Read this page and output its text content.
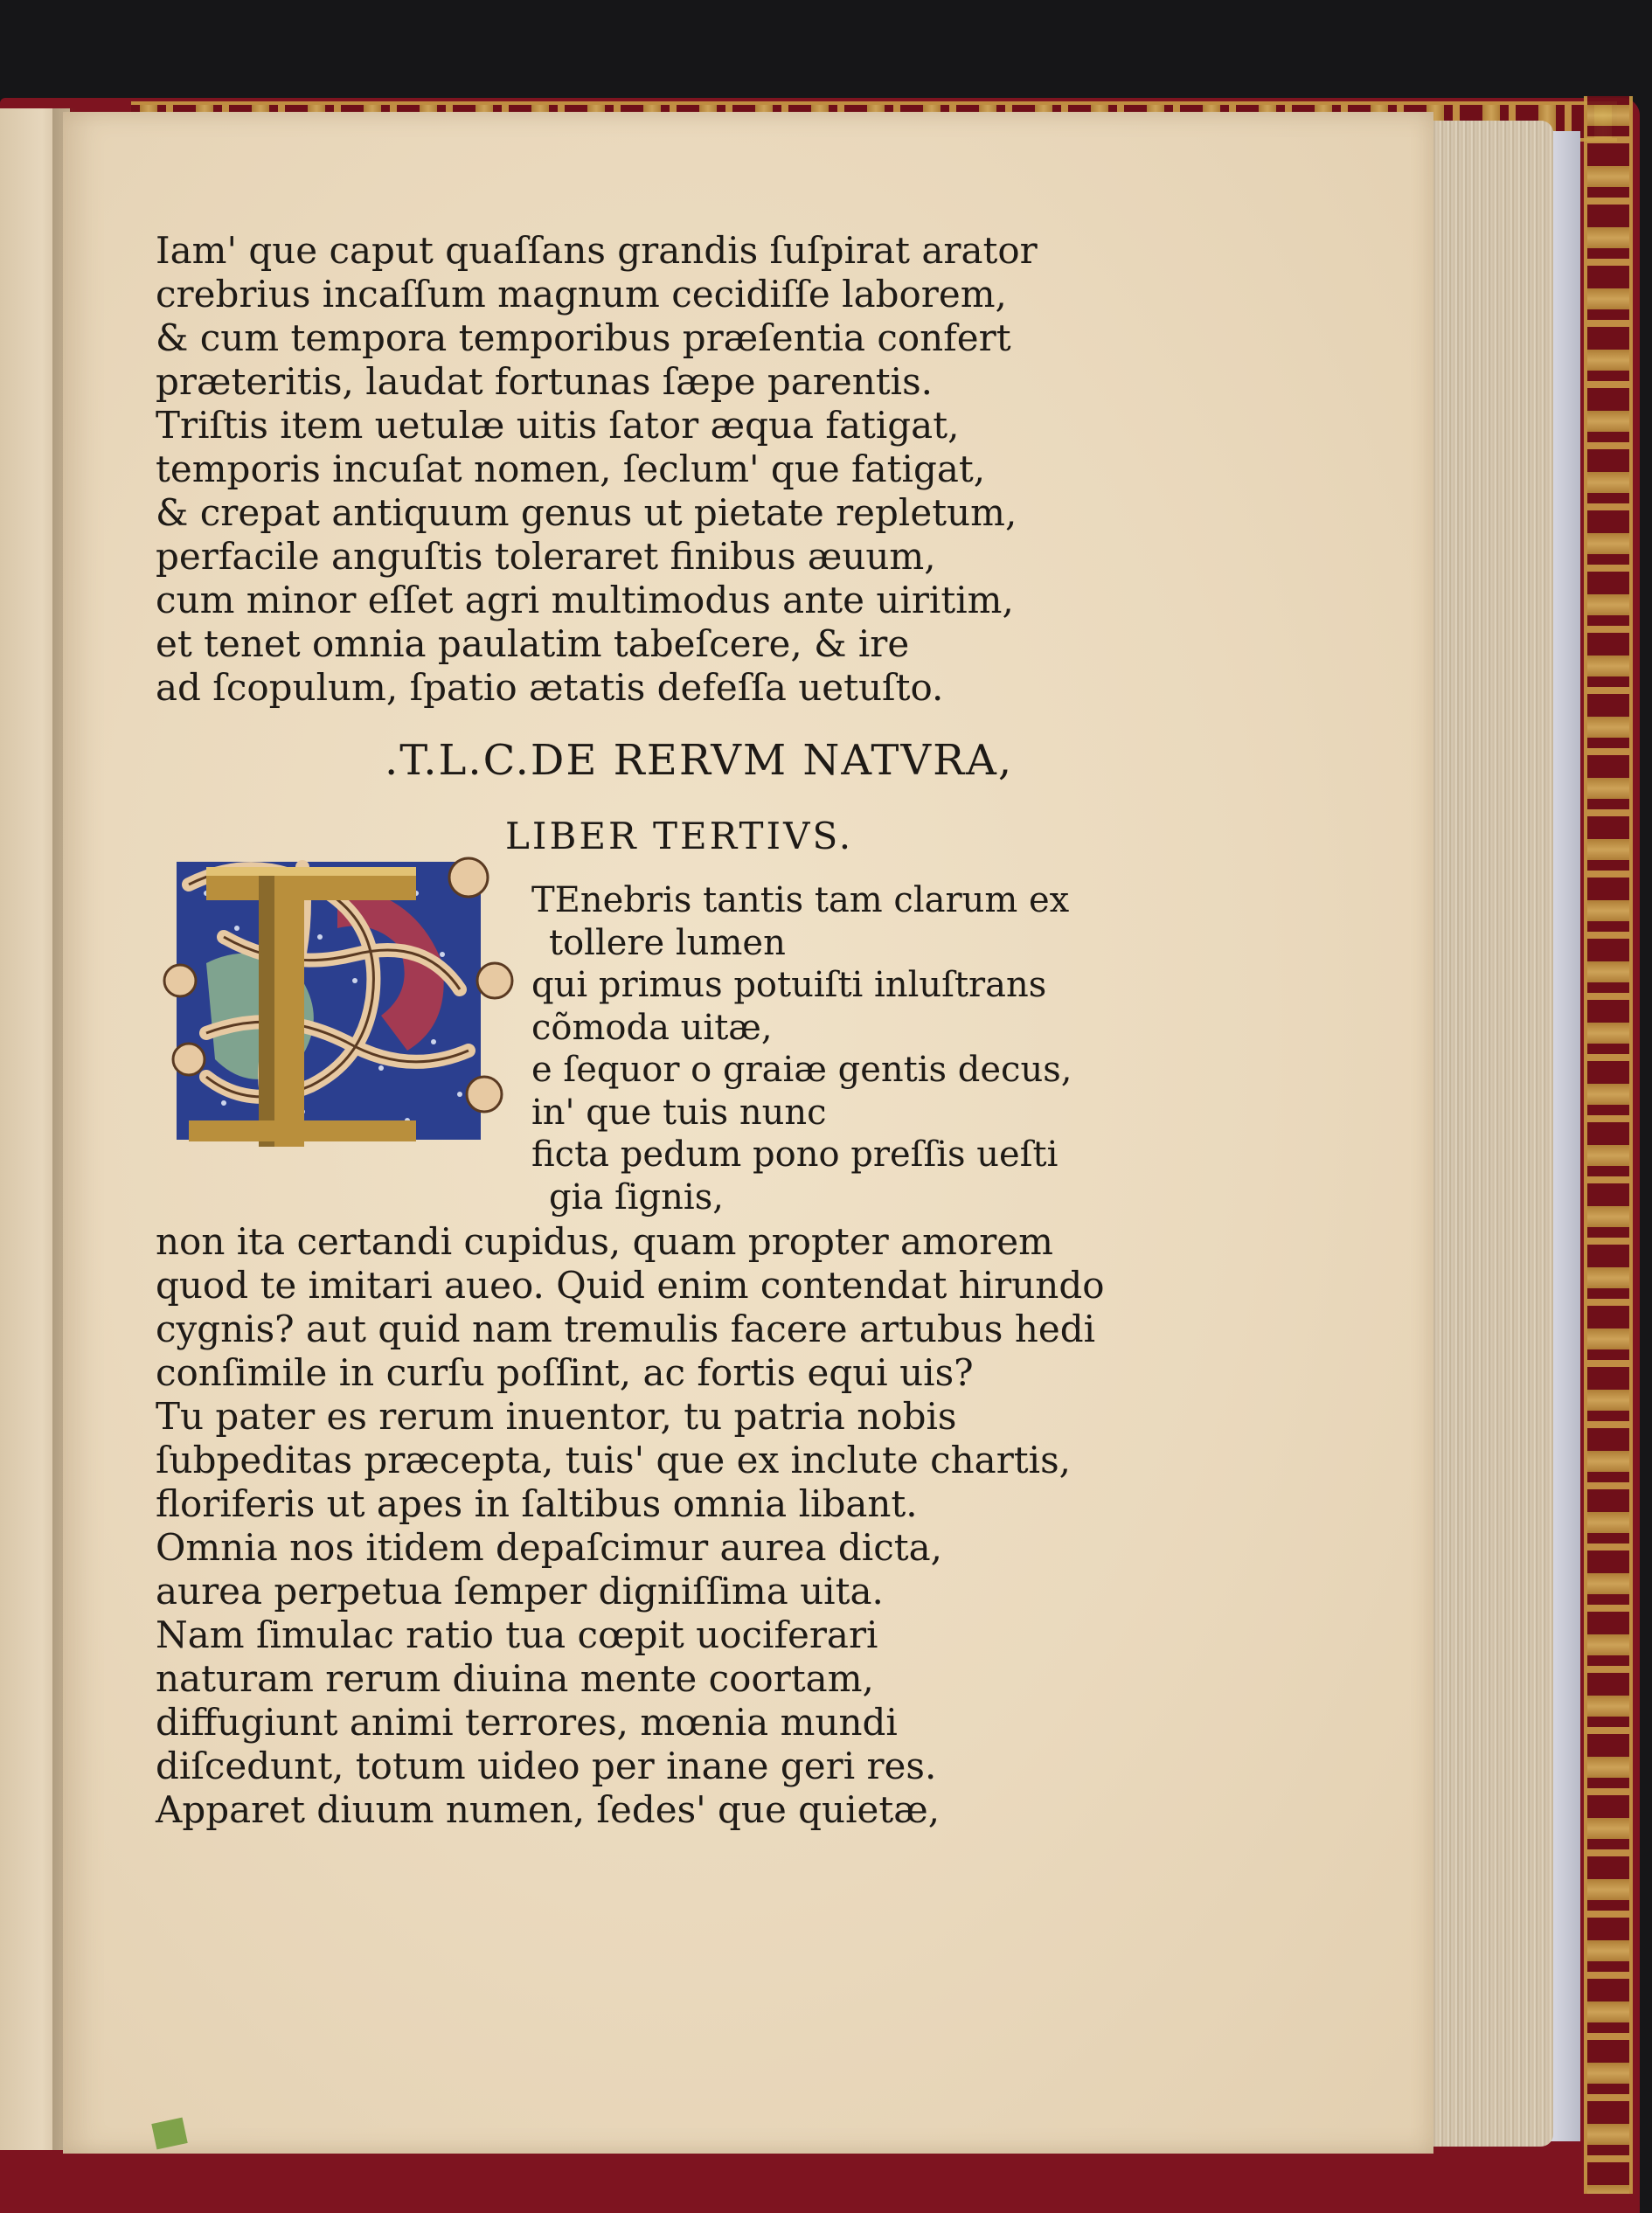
Iam' que caput quaſſans grandis ſuſpirat arator
crebrius incaſſum magnum cecidiſſe laborem,
& cum tempora temporibus præſentia confert
præteritis, laudat fortunas ſæpe parentis.
Triſtis item uetulæ uitis ſator æqua fatigat,
temporis incuſat nomen, ſeclum' que fatigat,
& crepat antiquum genus ut pietate repletum,
perfacile anguſtis toleraret finibus æuum,
cum minor eſſet agri multimodus ante uiritim,
et tenet omnia paulatim tabeſcere, & ire
ad ſcopulum, ſpatio ætatis defeſſa uetuſto.
.T.L.C.DE RERVM NATVRA,
LIBER TERTIVS.
TEnebris tantis tam clarum ex
tollere lumen
qui primus potuiſti inluſtrans
cõmoda uitæ,
e ſequor o graiæ gentis decus,
in' que tuis nunc
ficta pedum pono preſſis ueſti
gia ſignis,
non ita certandi cupidus, quam propter amorem
quod te imitari aueo. Quid enim contendat hirundo
cygnis? aut quid nam tremulis facere artubus hedi
conſimile in curſu poſſint, ac fortis equi uis?
Tu pater es rerum inuentor, tu patria nobis
ſubpeditas præcepta, tuis' que ex inclute chartis,
floriferis ut apes in ſaltibus omnia libant.
Omnia nos itidem depaſcimur aurea dicta,
aurea perpetua ſemper digniſſima uita.
Nam ſimulac ratio tua cœpit uociferari
naturam rerum diuina mente coortam,
diffugiunt animi terrores, mœnia mundi
diſcedunt, totum uideo per inane geri res.
Apparet diuum numen, ſedes' que quietæ,
